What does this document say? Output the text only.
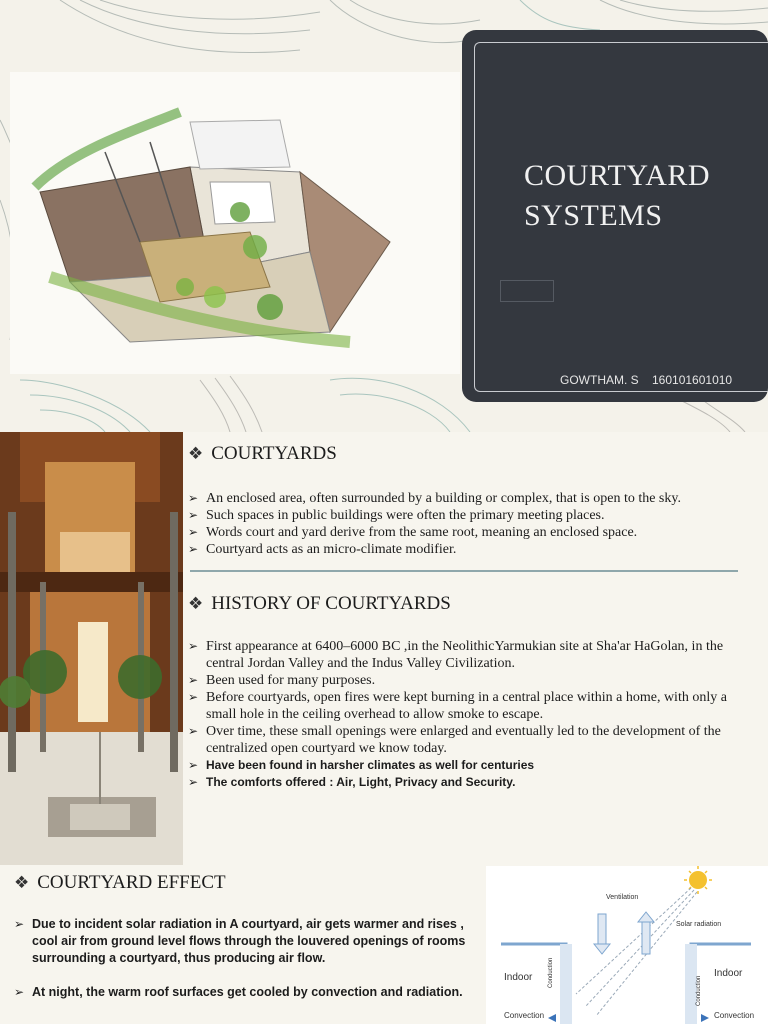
COURTYARD
SYSTEMS
GOWTHAM. S    160101601010
❖ COURTYARDS
➢ An enclosed area, often surrounded by a building or complex, that is open to the sky.
➢ Such spaces in public buildings were often the primary meeting places.
➢ Words court and yard derive from the same root, meaning an enclosed space.
➢ Courtyard acts as an micro-climate modifier.
❖ HISTORY OF COURTYARDS
➢ First appearance at 6400–6000 BC ,in the NeolithicYarmukian site at Sha'ar HaGolan, in the central Jordan Valley and the Indus Valley Civilization.
➢ Been used for many purposes.
➢ Before courtyards, open fires were kept burning in a central place within a home, with only a small hole in the ceiling overhead to allow smoke to escape.
➢ Over time, these small openings were enlarged and eventually led to the development of the centralized open courtyard we know today.
➢ Have been found in harsher climates as well for centuries
➢ The comforts offered : Air, Light, Privacy and Security.
❖ COURTYARD EFFECT
➢ Due to incident solar radiation in A courtyard, air gets warmer and rises , cool air from ground level flows through the louvered openings of rooms surrounding a courtyard, thus producing air flow.
➢ At night, the warm roof surfaces get cooled by convection and radiation.
Ventilation
Solar radiation
Indoor	Indoor
Conduction
Conduction
Convection	Convection
